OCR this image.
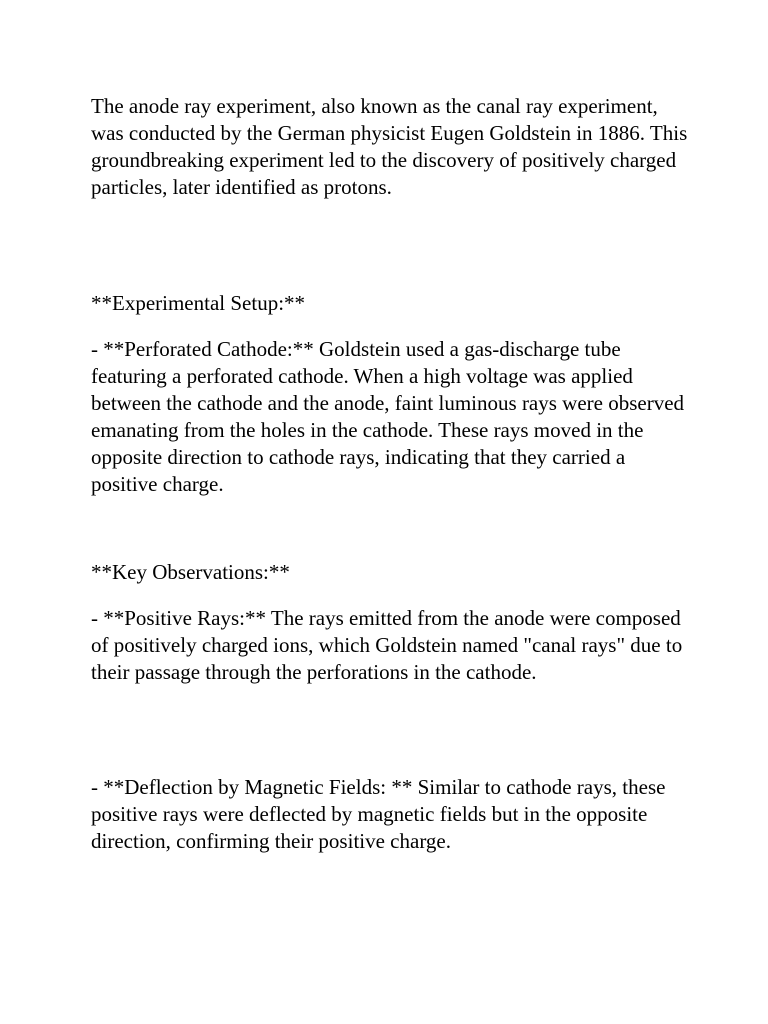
The anode ray experiment, also known as the canal ray experiment, was conducted by the German physicist Eugen Goldstein in 1886. This groundbreaking experiment led to the discovery of positively charged particles, later identified as protons.

**Experimental Setup:**

- **Perforated Cathode:** Goldstein used a gas-discharge tube featuring a perforated cathode. When a high voltage was applied between the cathode and the anode, faint luminous rays were observed emanating from the holes in the cathode. These rays moved in the opposite direction to cathode rays, indicating that they carried a positive charge.

**Key Observations:**

- **Positive Rays:** The rays emitted from the anode were composed of positively charged ions, which Goldstein named "canal rays" due to their passage through the perforations in the cathode.

- **Deflection by Magnetic Fields: ** Similar to cathode rays, these positive rays were deflected by magnetic fields but in the opposite direction, confirming their positive charge.
